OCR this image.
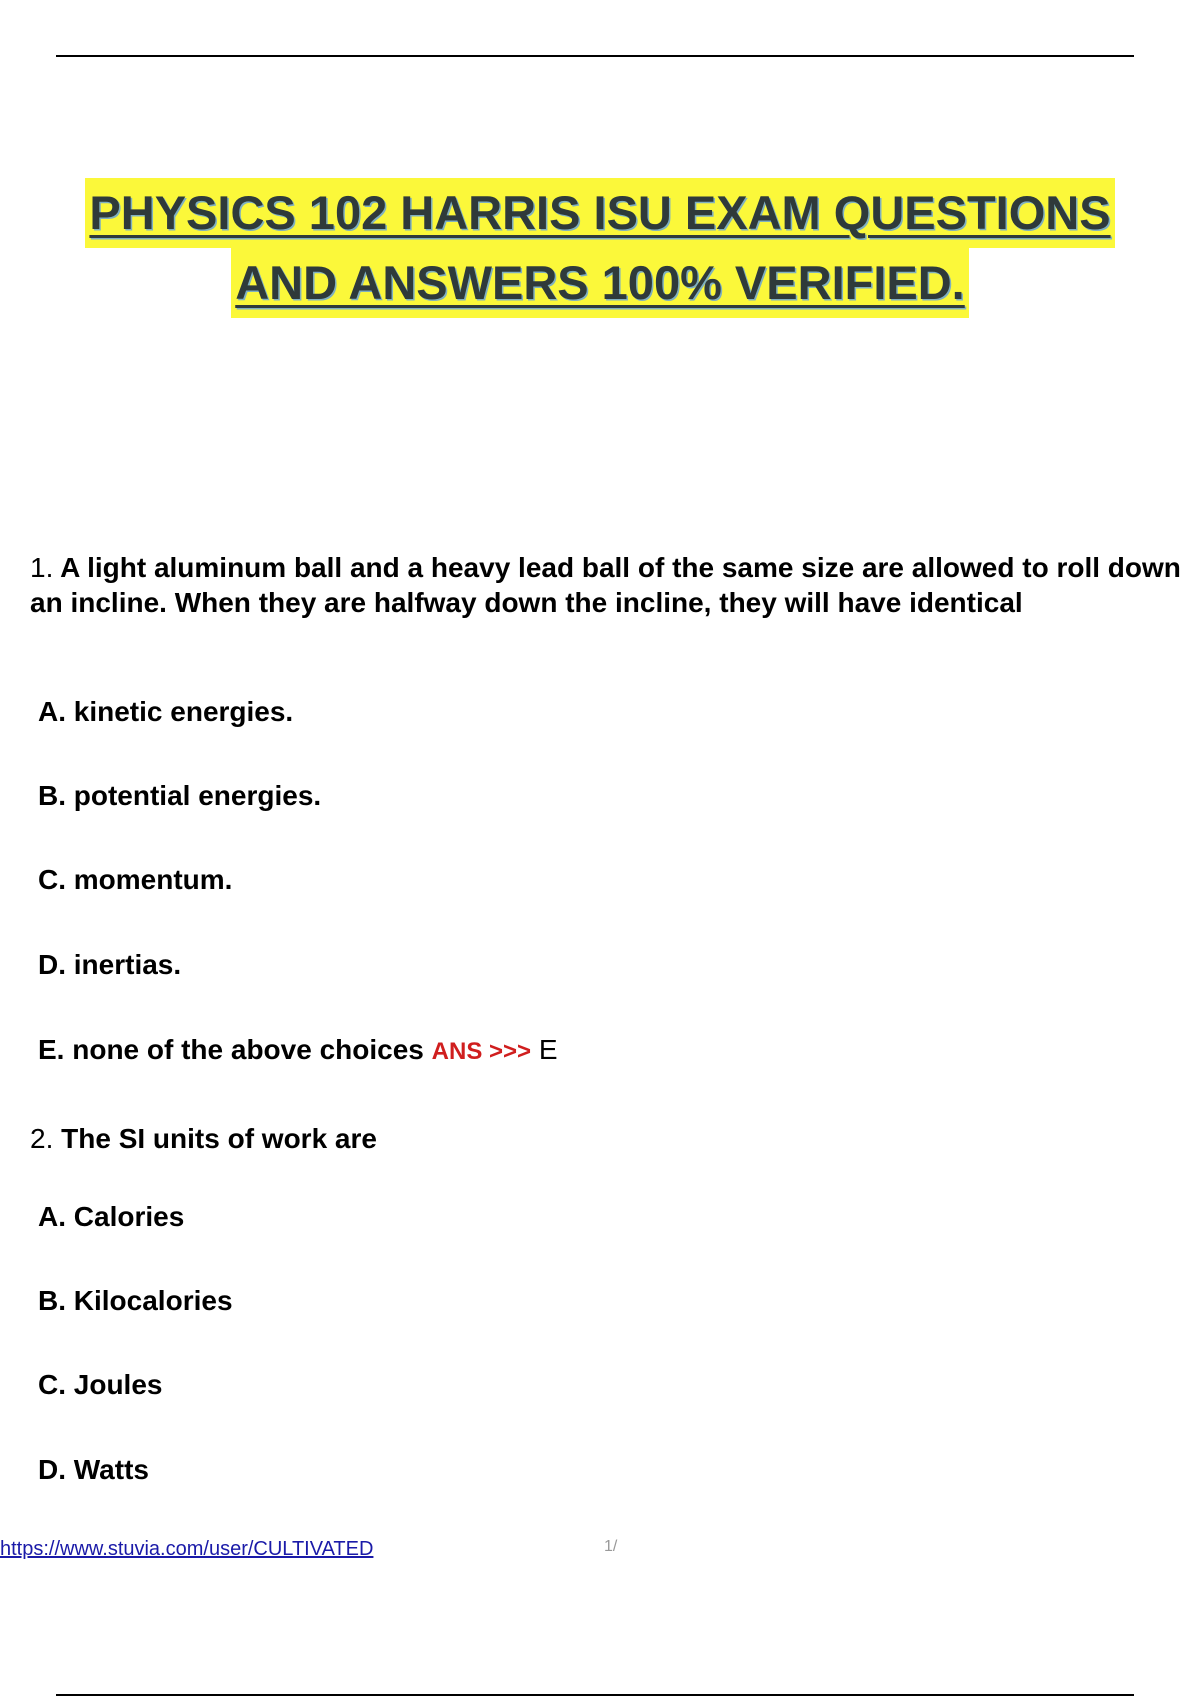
PHYSICS 102 HARRIS ISU EXAM QUESTIONS
AND ANSWERS 100% VERIFIED.
1. A light aluminum ball and a heavy lead ball of the same size are allowed to roll down an incline. When they are halfway down the incline, they will have identical
A. kinetic energies.
B. potential energies.
C. momentum.
D. inertias.
E. none of the above choices ANS >>> E
2. The SI units of work are
A. Calories
B. Kilocalories
C. Joules
D. Watts
https://www.stuvia.com/user/CULTIVATED	1/
